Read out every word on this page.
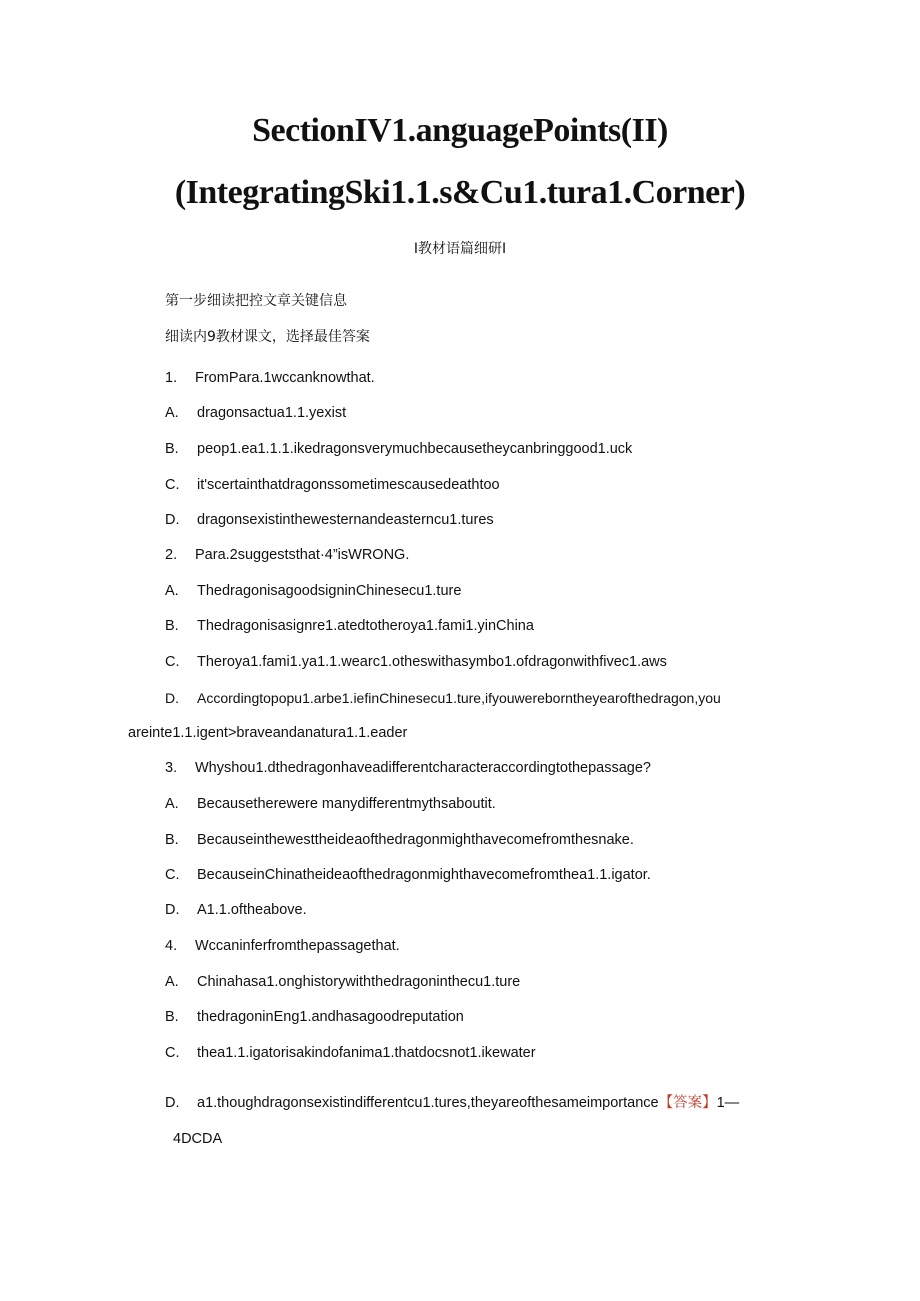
SectionIV1.anguagePoints(II)
(IntegratingSki1.1.s&Cu1.tura1.Corner)
I教材语篇细研I
第一步细读把控文章关键信息
细读内9教材课文，选择最佳答案
1. FromPara.1wccanknowthat.
A. dragonsactua1.1.yexist
B. peop1.ea1.1.1.ikedragonsverymuchbecausetheycanbringgood1.uck
C. it'scertainthatdragonssometimescausedeathtoo
D. dragonsexistinthewesternandeasterncu1.tures
2. Para.2suggeststhat·4”isWRONG.
A. ThedragonisagoodsigninChinesecu1.ture
B. Thedragonisasignre1.atedtotheroya1.fami1.yinChina
C. Theroya1.fami1.ya1.1.wearc1.otheswithasymbo1.ofdragonwithfivec1.aws
D. Accordingtopopu1.arbe1.iefinChinesecu1.ture,ifyouwereborntheyearofthedragon,you
areinte1.1.igent>braveandanatura1.1.eader
3. Whyshou1.dthedragonhaveadifferentcharacteraccordingtothepassage?
A. Becausetherewere manydifferentmythsaboutit.
B. Becauseinthewesttheideaofthedragonmighthavecomefromthesnake.
C. BecauseinChinatheideaofthedragonmighthavecomefromthea1.1.igator.
D. A1.1.oftheabove.
4. Wccaninferfromthepassagethat.
A. Chinahasa1.onghistorywiththedragoninthecu1.ture
B. thedragoninEng1.andhasagoodreputation
C. thea1.1.igatorisakindofanima1.thatdocsnot1.ikewater
D. a1.thoughdragonsexistindifferentcu1.tures,theyareofthesameimportance【答案】1—
4DCDA
